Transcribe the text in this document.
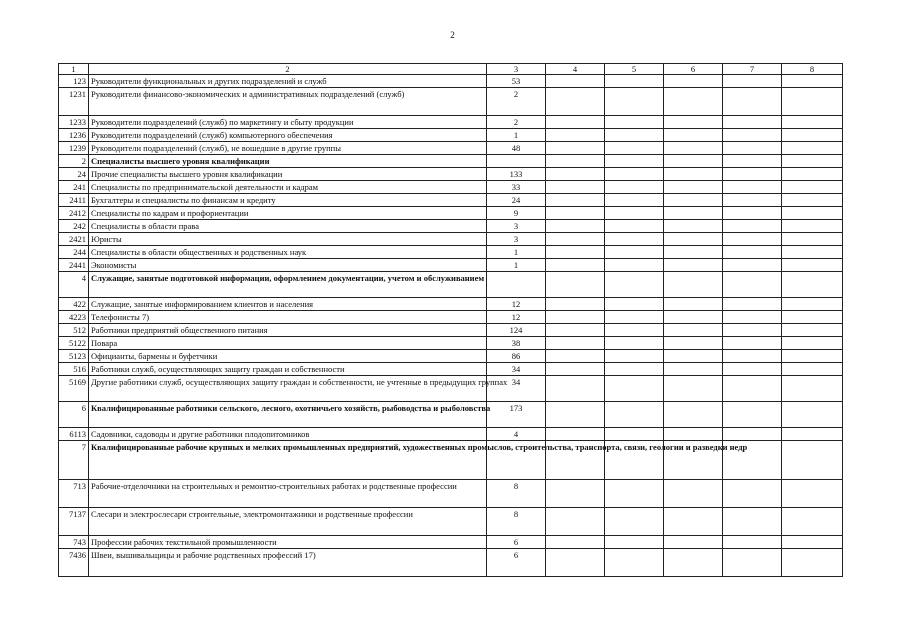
2
1	2	3	4	5	6	7	8
123	Руководители функциональных и других подразделений и служб	53					
1231	Руководители финансово-экономических и административных подразделений (служб)	2					
1233	Руководители подразделений (служб) по маркетингу и сбыту продукции	2					
1236	Руководители подразделений (служб) компьютерного обеспечения	1					
1239	Руководители подразделений (служб), не вошедшие в другие группы	48					
2	Специалисты высшего уровня квалификации						
24	Прочие специалисты высшего уровня квалификации	133					
241	Специалисты по предпринимательской деятельности и кадрам	33					
2411	Бухгалтеры и специалисты по финансам и кредиту	24					
2412	Специалисты по кадрам и профориентации	9					
242	Специалисты в области права	3					
2421	Юристы	3					
244	Специалисты в области общественных и родственных наук	1					
2441	Экономисты	1					
4	Служащие, занятые подготовкой информации, оформлением документации, учетом и обслуживанием						
422	Служащие, занятые информированием клиентов и населения	12					
4223	Телефонисты 7)	12					
512	Работники предприятий общественного питания	124					
5122	Повара	38					
5123	Официанты, бармены и буфетчики	86					
516	Работники служб, осуществляющих защиту граждан и собственности	34					
5169	Другие работники служб, осуществляющих защиту граждан и собственности, не учтенные в предыдущих группах	34					
6	Квалифицированные работники сельского, лесного, охотничьего хозяйств, рыбоводства и рыболовства	173					
6113	Садовники, садоводы и другие работники плодопитомников	4					
7	Квалифицированные рабочие крупных и мелких промышленных предприятий, художественных промыслов, строительства, транспорта, связи, геологии и разведки недр						
713	Рабочие-отделочники на строительных и ремонтно-строительных работах и родственные профессии	8					
7137	Слесари и электрослесари строительные, электромонтажники и родственные профессии	8					
743	Профессии рабочих текстильной промышленности	6					
7436	Швеи, вышивальщицы и рабочие родственных профессий 17)	6					
